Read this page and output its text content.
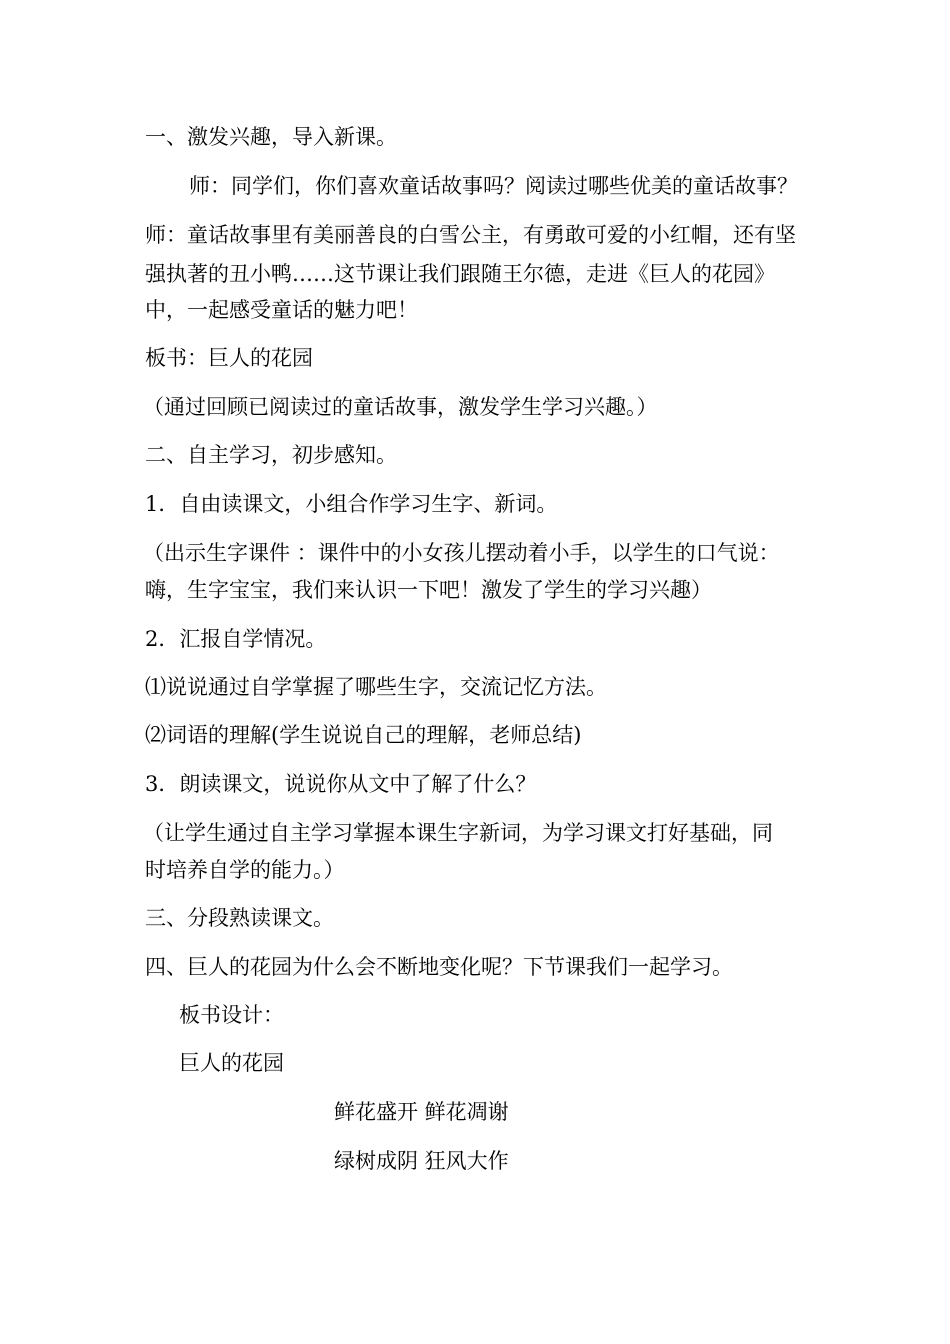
一、激发兴趣，导入新课。
师：同学们，你们喜欢童话故事吗？阅读过哪些优美的童话故事？
师：童话故事里有美丽善良的白雪公主，有勇敢可爱的小红帽，还有坚
强执著的丑小鸭……这节课让我们跟随王尔德，走进《巨人的花园》
中，一起感受童话的魅力吧！
板书：巨人的花园
（通过回顾已阅读过的童话故事，激发学生学习兴趣。）
二、自主学习，初步感知。
1．自由读课文，小组合作学习生字、新词。
（出示生字课件 ：课件中的小女孩儿摆动着小手，以学生的口气说：
嗨，生字宝宝，我们来认识一下吧！激发了学生的学习兴趣）
2．汇报自学情况。
⑴说说通过自学掌握了哪些生字，交流记忆方法。
⑵词语的理解(学生说说自己的理解，老师总结)
3．朗读课文，说说你从文中了解了什么？
（让学生通过自主学习掌握本课生字新词，为学习课文打好基础，同
时培养自学的能力。）
三、分段熟读课文。
四、巨人的花园为什么会不断地变化呢？下节课我们一起学习。
板书设计：
巨人的花园
鲜花盛开 鲜花凋谢
绿树成阴 狂风大作
